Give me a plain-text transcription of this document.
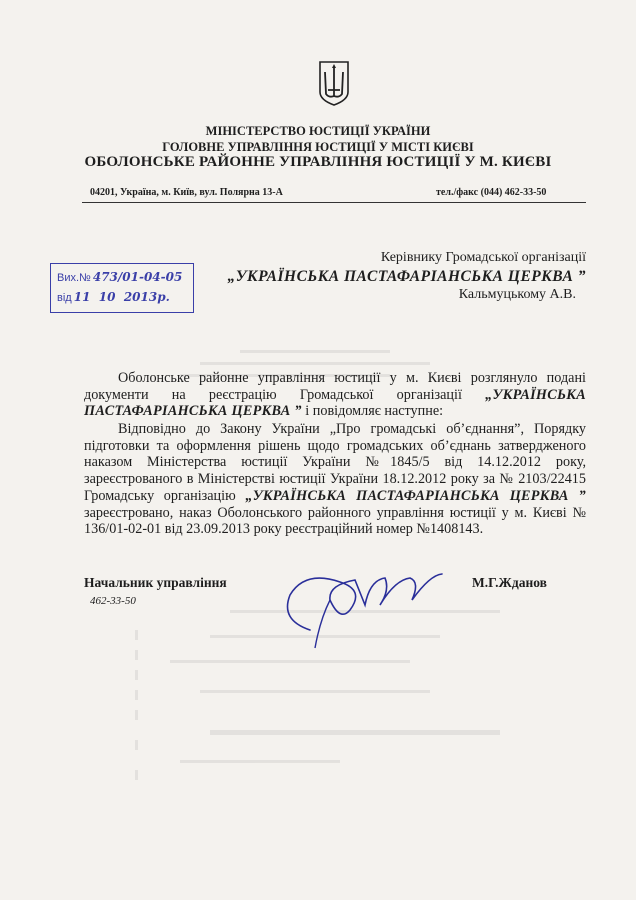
МІНІСТЕРСТВО ЮСТИЦІЇ УКРАЇНИ
ГОЛОВНЕ УПРАВЛІННЯ ЮСТИЦІЇ У МІСТІ КИЄВІ
ОБОЛОНСЬКЕ РАЙОННЕ УПРАВЛІННЯ ЮСТИЦІЇ У М. КИЄВІ
04201, Україна, м. Київ, вул. Полярна 13-А	тел./факс (044) 462-33-50
Вих.№ 473/01-04-05
від 11  10  2013р.
Керівнику Громадської організації
„УКРАЇНСЬКА ПАСТАФАРІАНСЬКА ЦЕРКВА ”
Кальмуцькому А.В.
Оболонське районне управління юстиції у м. Києві розглянуло подані документи на реєстрацію Громадської організації „УКРАЇНСЬКА ПАСТАФАРІАНСЬКА ЦЕРКВА ” і повідомляє наступне:
Відповідно до Закону України „Про громадські об’єднання”, Порядку підготовки та оформлення рішень щодо громадських об’єднань затвердженого наказом Міністерства юстиції України №1845/5 від 14.12.2012 року, зареєстрованого в Міністерстві юстиції України 18.12.2012 року за № 2103/22415 Громадську організацію „УКРАЇНСЬКА ПАСТАФАРІАНСЬКА ЦЕРКВА ” зареєстровано, наказ Оболонського районного управління юстиції у м. Києві № 136/01-02-01 від 23.09.2013 року реєстраційний номер №1408143.
Начальник управління
462-33-50
М.Г.Жданов
